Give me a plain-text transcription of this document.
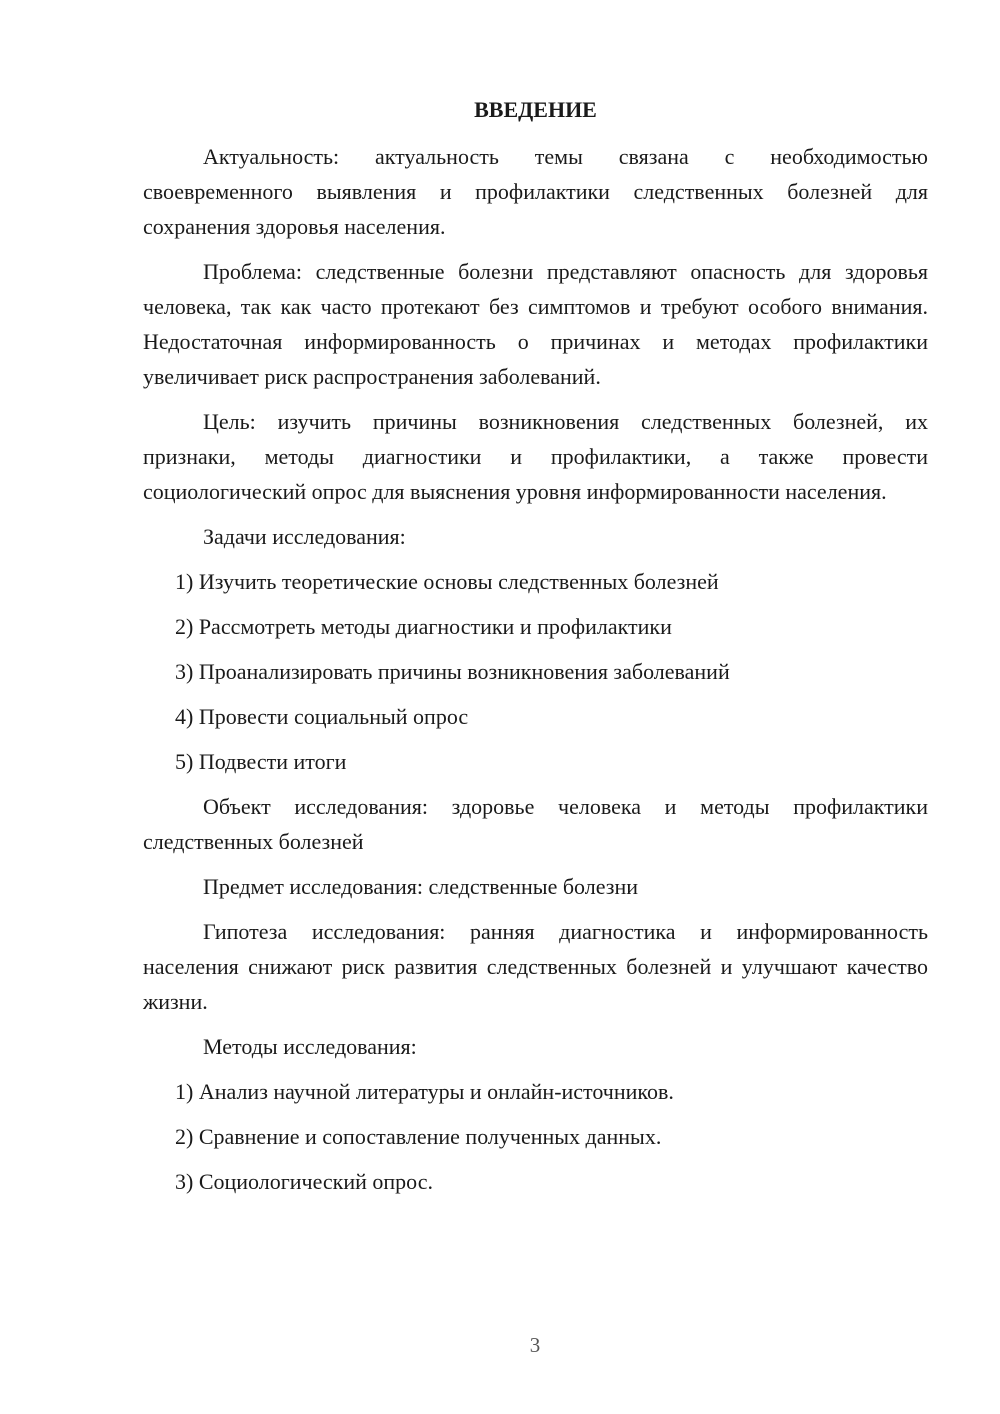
ВВЕДЕНИЕ

Актуальность: актуальность темы связана с необходимостью своевременного выявления и профилактики следственных болезней для сохранения здоровья населения.

Проблема: следственные болезни представляют опасность для здоровья человека, так как часто протекают без симптомов и требуют особого внимания. Недостаточная информированность о причинах и методах профилактики увеличивает риск распространения заболеваний.

Цель: изучить причины возникновения следственных болезней, их признаки, методы диагностики и профилактики, а также провести социологический опрос для выяснения уровня информированности населения.

Задачи исследования:

1) Изучить теоретические основы следственных болезней
2) Рассмотреть методы диагностики и профилактики
3) Проанализировать причины возникновения заболеваний
4) Провести социальный опрос
5) Подвести итоги

Объект исследования: здоровье человека и методы профилактики следственных болезней

Предмет исследования: следственные болезни

Гипотеза исследования: ранняя диагностика и информированность населения снижают риск развития следственных болезней и улучшают качество жизни.

Методы исследования:

1) Анализ научной литературы и онлайн-источников.
2) Сравнение и сопоставление полученных данных.
3) Социологический опрос.
3
